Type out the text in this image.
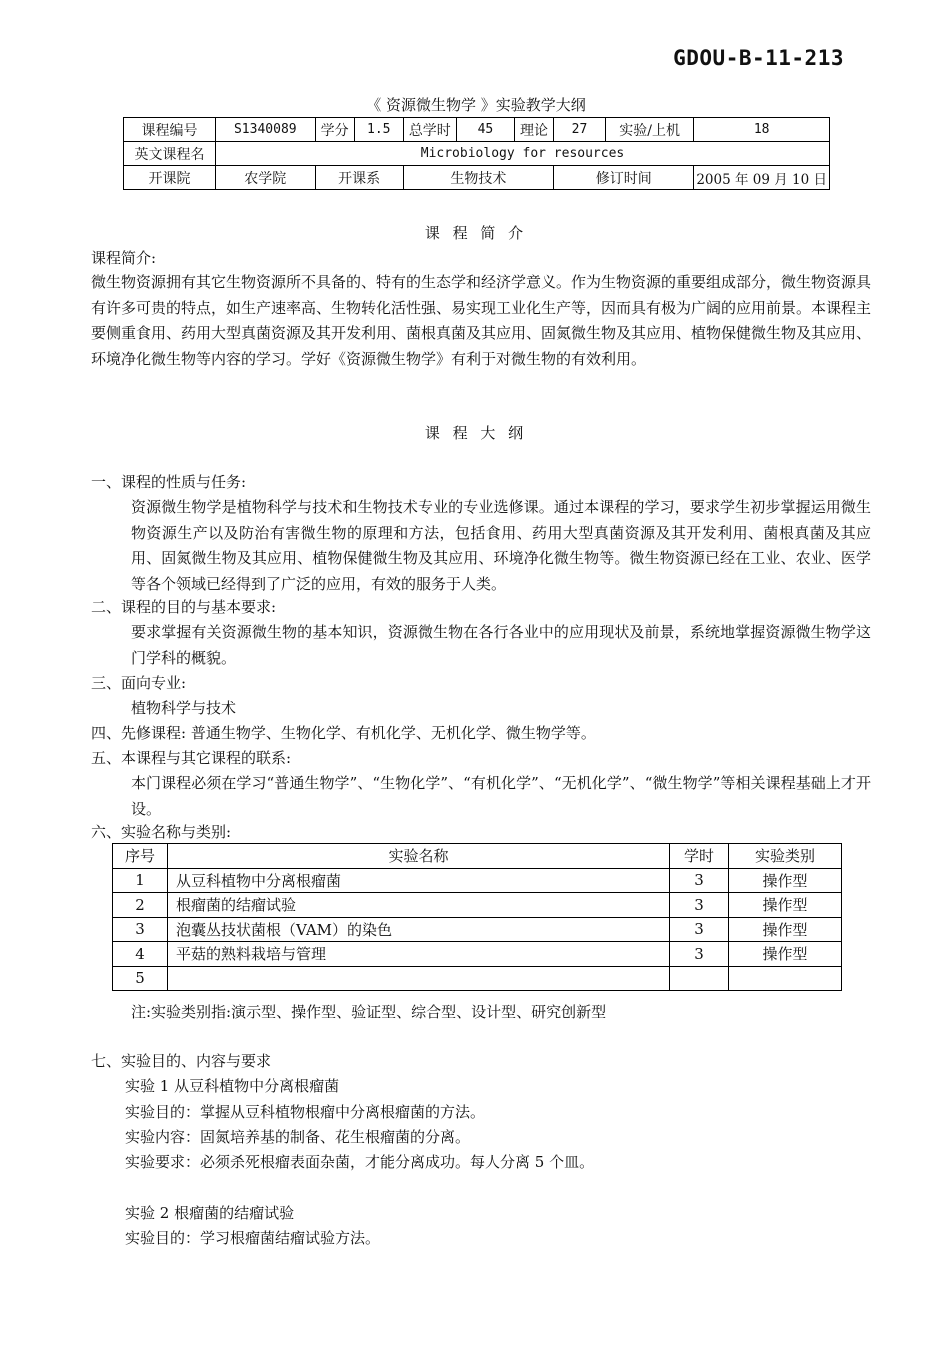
GDOU-B-11-213
《 资源微生物学 》实验教学大纲
课程编号	S1340089	学分	1.5	总学时	45	理论	27	实验/上机	18
英文课程名	Microbiology for resources								
开课院	农学院	开课系		生物技术			修订时间		2005 年 09 月 10 日
课 程 简 介
课程简介:
微生物资源拥有其它生物资源所不具备的、特有的生态学和经济学意义。作为生物资源的重要组成部分，微生物资源具有许多可贵的特点，如生产速率高、生物转化活性强、易实现工业化生产等，因而具有极为广阔的应用前景。本课程主要侧重食用、药用大型真菌资源及其开发利用、菌根真菌及其应用、固氮微生物及其应用、植物保健微生物及其应用、环境净化微生物等内容的学习。学好《资源微生物学》有利于对微生物的有效利用。
课 程 大 纲
一、课程的性质与任务:
资源微生物学是植物科学与技术和生物技术专业的专业选修课。通过本课程的学习，要求学生初步掌握运用微生物资源生产以及防治有害微生物的原理和方法，包括食用、药用大型真菌资源及其开发利用、菌根真菌及其应用、固氮微生物及其应用、植物保健微生物及其应用、环境净化微生物等。微生物资源已经在工业、农业、医学等各个领域已经得到了广泛的应用，有效的服务于人类。
二、课程的目的与基本要求:
要求掌握有关资源微生物的基本知识，资源微生物在各行各业中的应用现状及前景，系统地掌握资源微生物学这门学科的概貌。
三、面向专业:
植物科学与技术
四、先修课程: 普通生物学、生物化学、有机化学、无机化学、微生物学等。
五、本课程与其它课程的联系:
本门课程必须在学习“普通生物学”、“生物化学”、“有机化学”、“无机化学”、“微生物学”等相关课程基础上才开设。
六、实验名称与类别:
序号	实验名称	学时	实验类别
1	从豆科植物中分离根瘤菌	3	操作型
2	根瘤菌的结瘤试验	3	操作型
3	泡囊丛技状菌根（VAM）的染色	3	操作型
4	平菇的熟料栽培与管理	3	操作型
5			
注:实验类别指:演示型、操作型、验证型、综合型、设计型、研究创新型
七、实验目的、内容与要求
实验 1 从豆科植物中分离根瘤菌
实验目的：掌握从豆科植物根瘤中分离根瘤菌的方法。
实验内容：固氮培养基的制备、花生根瘤菌的分离。
实验要求：必须杀死根瘤表面杂菌，才能分离成功。每人分离 5 个皿。
实验 2 根瘤菌的结瘤试验
实验目的：学习根瘤菌结瘤试验方法。
